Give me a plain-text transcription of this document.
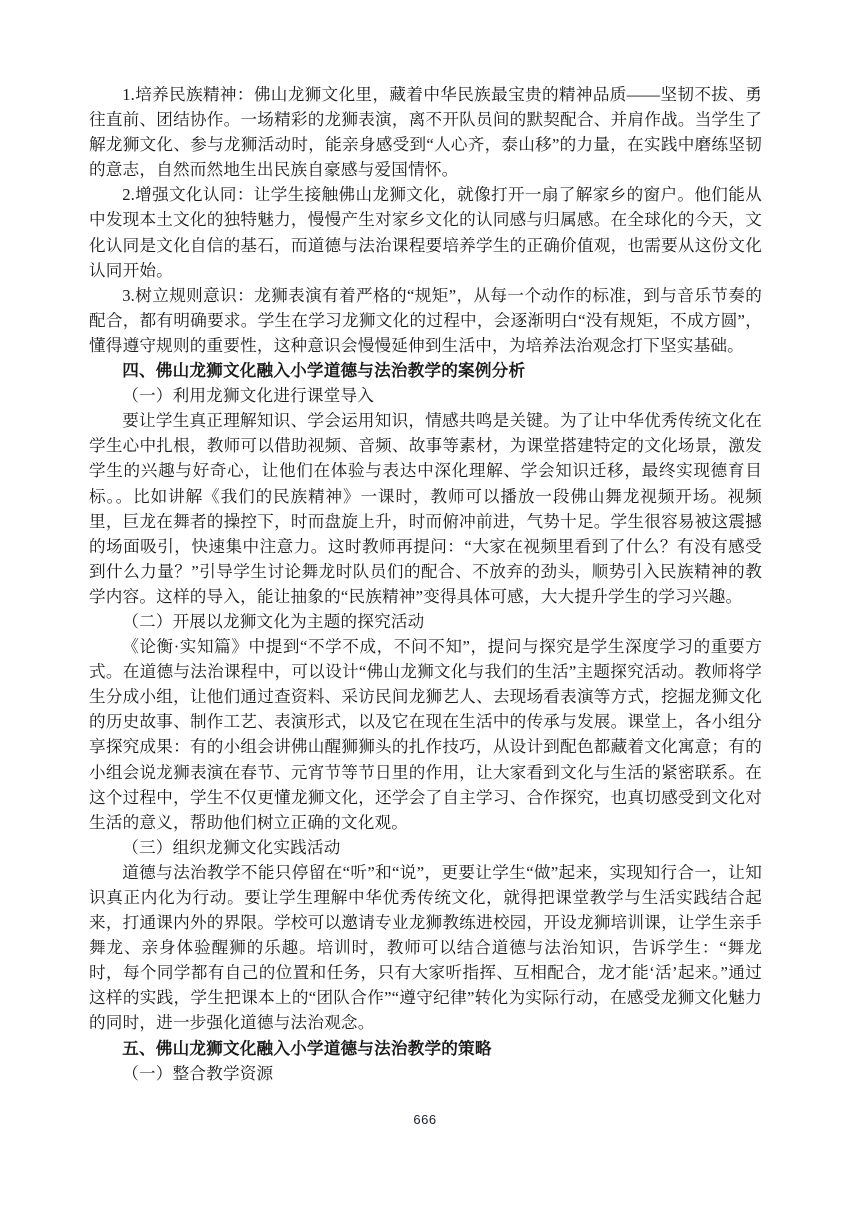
1.培养民族精神：佛山龙狮文化里，藏着中华民族最宝贵的精神品质——坚韧不拔、勇往直前、团结协作。一场精彩的龙狮表演，离不开队员间的默契配合、并肩作战。当学生了解龙狮文化、参与龙狮活动时，能亲身感受到“人心齐，泰山移”的力量，在实践中磨练坚韧的意志，自然而然地生出民族自豪感与爱国情怀。

2.增强文化认同：让学生接触佛山龙狮文化，就像打开一扇了解家乡的窗户。他们能从中发现本土文化的独特魅力，慢慢产生对家乡文化的认同感与归属感。在全球化的今天，文化认同是文化自信的基石，而道德与法治课程要培养学生的正确价值观，也需要从这份文化认同开始。

3.树立规则意识：龙狮表演有着严格的“规矩”，从每一个动作的标准，到与音乐节奏的配合，都有明确要求。学生在学习龙狮文化的过程中，会逐渐明白“没有规矩，不成方圆”，懂得遵守规则的重要性，这种意识会慢慢延伸到生活中，为培养法治观念打下坚实基础。

四、佛山龙狮文化融入小学道德与法治教学的案例分析

（一）利用龙狮文化进行课堂导入

要让学生真正理解知识、学会运用知识，情感共鸣是关键。为了让中华优秀传统文化在学生心中扎根，教师可以借助视频、音频、故事等素材，为课堂搭建特定的文化场景，激发学生的兴趣与好奇心，让他们在体验与表达中深化理解、学会知识迁移，最终实现德育目标。。比如讲解《我们的民族精神》一课时，教师可以播放一段佛山舞龙视频开场。视频里，巨龙在舞者的操控下，时而盘旋上升，时而俯冲前进，气势十足。学生很容易被这震撼的场面吸引，快速集中注意力。这时教师再提问：“大家在视频里看到了什么？有没有感受到什么力量？”引导学生讨论舞龙时队员们的配合、不放弃的劲头，顺势引入民族精神的教学内容。这样的导入，能让抽象的“民族精神”变得具体可感，大大提升学生的学习兴趣。

（二）开展以龙狮文化为主题的探究活动

《论衡·实知篇》中提到“不学不成，不问不知”，提问与探究是学生深度学习的重要方式。在道德与法治课程中，可以设计“佛山龙狮文化与我们的生活”主题探究活动。教师将学生分成小组，让他们通过查资料、采访民间龙狮艺人、去现场看表演等方式，挖掘龙狮文化的历史故事、制作工艺、表演形式，以及它在现在生活中的传承与发展。课堂上，各小组分享探究成果：有的小组会讲佛山醒狮狮头的扎作技巧，从设计到配色都藏着文化寓意；有的小组会说龙狮表演在春节、元宵节等节日里的作用，让大家看到文化与生活的紧密联系。在这个过程中，学生不仅更懂龙狮文化，还学会了自主学习、合作探究，也真切感受到文化对生活的意义，帮助他们树立正确的文化观。

（三）组织龙狮文化实践活动

道德与法治教学不能只停留在“听”和“说”，更要让学生“做”起来，实现知行合一，让知识真正内化为行动。要让学生理解中华优秀传统文化，就得把课堂教学与生活实践结合起来，打通课内外的界限。学校可以邀请专业龙狮教练进校园，开设龙狮培训课，让学生亲手舞龙、亲身体验醒狮的乐趣。培训时，教师可以结合道德与法治知识，告诉学生：“舞龙时，每个同学都有自己的位置和任务，只有大家听指挥、互相配合，龙才能‘活’起来。”通过这样的实践，学生把课本上的“团队合作”“遵守纪律”转化为实际行动，在感受龙狮文化魅力的同时，进一步强化道德与法治观念。

五、佛山龙狮文化融入小学道德与法治教学的策略

（一）整合教学资源

666
